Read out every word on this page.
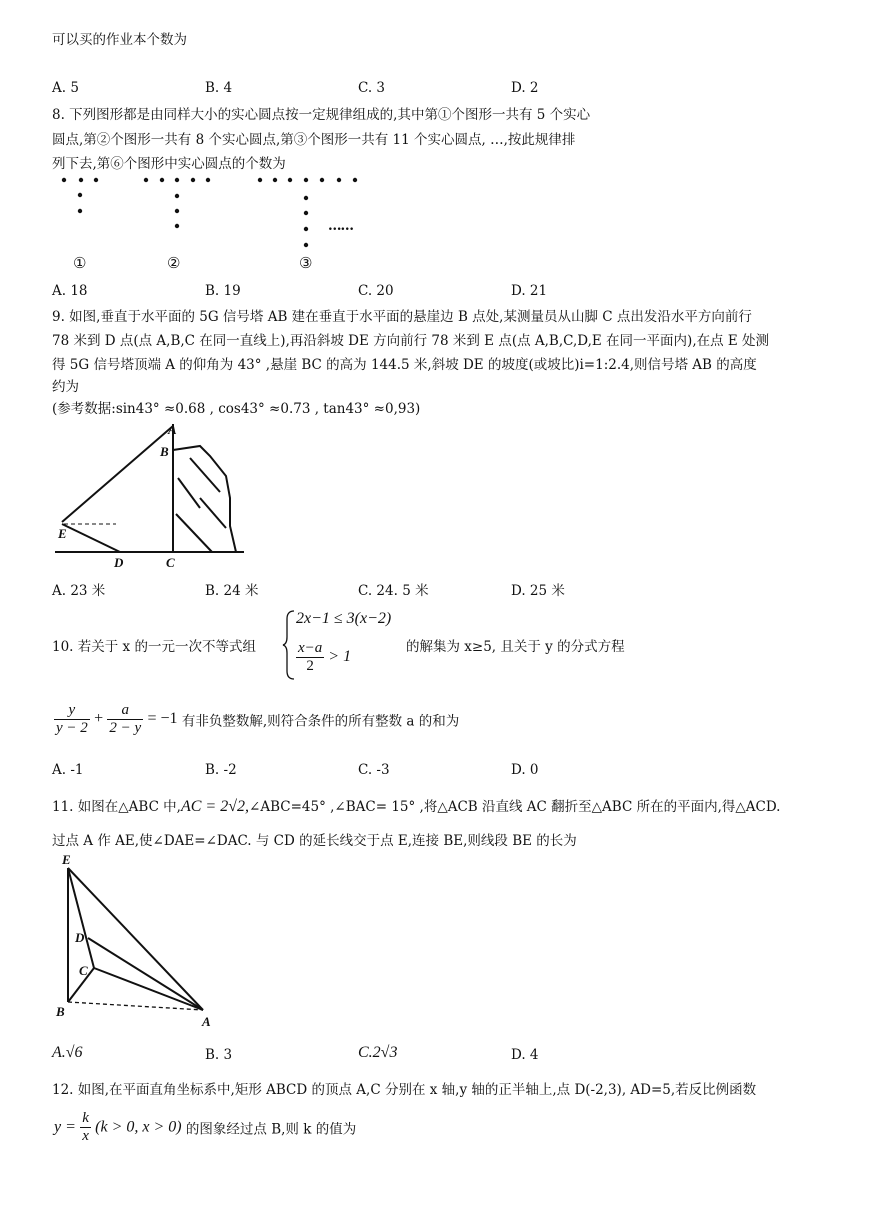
可以买的作业本个数为
A. 5	B. 4	C. 3	D. 2
8. 下列图形都是由同样大小的实心圆点按一定规律组成的,其中第①个图形一共有 5 个实心
圆点,第②个图形一共有 8 个实心圆点,第③个图形一共有 11 个实心圆点, …,按此规律排
列下去,第⑥个图形中实心圆点的个数为
……
①	②	③
A. 18	B. 19	C. 20	D. 21
9. 如图,垂直于水平面的 5G 信号塔 AB 建在垂直于水平面的悬崖边 B 点处,某测量员从山脚 C 点出发沿水平方向前行
78 米到 D 点(点 A,B,C 在同一直线上),再沿斜坡 DE 方向前行 78 米到 E 点(点 A,B,C,D,E 在同一平面内),在点 E 处测
得 5G 信号塔顶端 A 的仰角为 43° ,悬崖 BC 的高为 144.5 米,斜坡 DE 的坡度(或坡比)i=1:2.4,则信号塔 AB 的高度
约为
(参考数据:sin43° ≈0.68 , cos43° ≈0.73 , tan43° ≈0,93)
A
B
C
D
E
A. 23 米	B. 24 米	C. 24. 5 米	D. 25 米
10. 若关于 x 的一元一次不等式组
2x−1 ≤ 3(x−2)
$\frac{x-a}{2} > 1$
的解集为 x≥5, 且关于 y 的分式方程
$\frac{y}{y - 2} + \frac{a}{2 - y} = -1$ 有非负整数解,则符合条件的所有整数 a 的和为
A. -1	B. -2	C. -3	D. 0
11. 如图在△ABC 中,AC = 2√2,∠ABC=45° ,∠BAC= 15° ,将△ACB 沿直线 AC 翻折至△ABC 所在的平面内,得△ACD.
过点 A 作 AE,使∠DAE=∠DAC. 与 CD 的延长线交于点 E,连接 BE,则线段 BE 的长为
E
D
C
B
A
A.√6	B. 3	C.2√3	D. 4
12. 如图,在平面直角坐标系中,矩形 ABCD 的顶点 A,C 分别在 x 轴,y 轴的正半轴上,点 D(-2,3), AD=5,若反比例函数
$y = \frac{k}{x} (k > 0$, x > 0) 的图象经过点 B,则 k 的值为
